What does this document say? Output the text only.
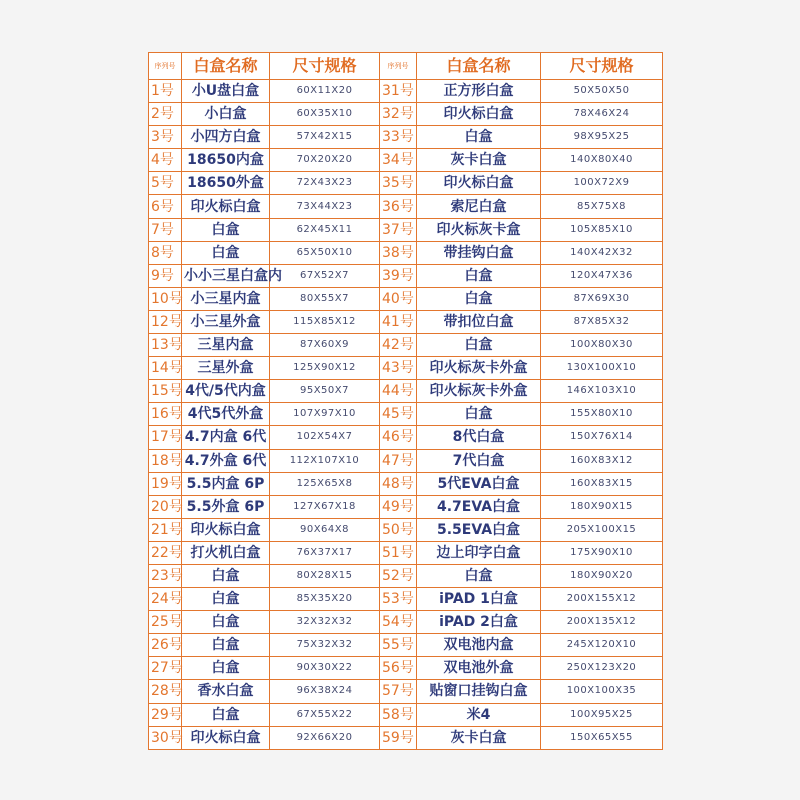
序列号	白盒名称	尺寸规格	序列号	白盒名称	尺寸规格
1号	小U盘白盒	60X11X20	31号	正方形白盒	50X50X50
2号	小白盒	60X35X10	32号	印火标白盒	78X46X24
3号	小四方白盒	57X42X15	33号	白盒	98X95X25
4号	18650内盒	70X20X20	34号	灰卡白盒	140X80X40
5号	18650外盒	72X43X23	35号	印火标白盒	100X72X9
6号	印火标白盒	73X44X23	36号	索尼白盒	85X75X8
7号	白盒	62X45X11	37号	印火标灰卡盒	105X85X10
8号	白盒	65X50X10	38号	带挂钩白盒	140X42X32
9号	小小三星白盒内	67X52X7	39号	白盒	120X47X36
10号	小三星内盒	80X55X7	40号	白盒	87X69X30
12号	小三星外盒	115X85X12	41号	带扣位白盒	87X85X32
13号	三星内盒	87X60X9	42号	白盒	100X80X30
14号	三星外盒	125X90X12	43号	印火标灰卡外盒	130X100X10
15号	4代/5代内盒	95X50X7	44号	印火标灰卡外盒	146X103X10
16号	4代5代外盒	107X97X10	45号	白盒	155X80X10
17号	4.7内盒 6代	102X54X7	46号	8代白盒	150X76X14
18号	4.7外盒 6代	112X107X10	47号	7代白盒	160X83X12
19号	5.5内盒 6P	125X65X8	48号	5代EVA白盒	160X83X15
20号	5.5外盒 6P	127X67X18	49号	4.7EVA白盒	180X90X15
21号	印火标白盒	90X64X8	50号	5.5EVA白盒	205X100X15
22号	打火机白盒	76X37X17	51号	边上印字白盒	175X90X10
23号	白盒	80X28X15	52号	白盒	180X90X20
24号	白盒	85X35X20	53号	iPAD 1白盒	200X155X12
25号	白盒	32X32X32	54号	iPAD 2白盒	200X135X12
26号	白盒	75X32X32	55号	双电池内盒	245X120X10
27号	白盒	90X30X22	56号	双电池外盒	250X123X20
28号	香水白盒	96X38X24	57号	贴窗口挂钩白盒	100X100X35
29号	白盒	67X55X22	58号	米4	100X95X25
30号	印火标白盒	92X66X20	59号	灰卡白盒	150X65X55
